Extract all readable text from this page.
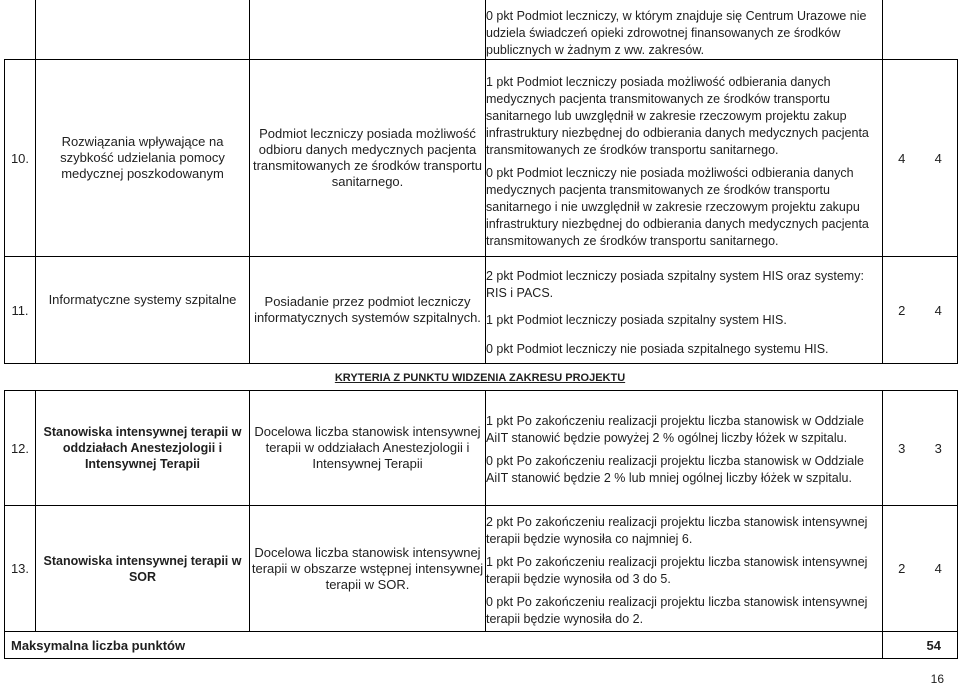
			0 pkt Podmiot leczniczy, w którym znajduje się Centrum Urazowe nie udziela świadczeń opieki zdrowotnej finansowanych ze środków publicznych w żadnym z ww. zakresów.	

10.	Rozwiązania wpływające na szybkość udzielania pomocy medycznej poszkodowanym	Podmiot leczniczy posiada możliwość odbioru danych medycznych pacjenta transmitowanych ze środków transportu sanitarnego.	1 pkt Podmiot leczniczy posiada możliwość odbierania danych medycznych pacjenta transmitowanych ze środków transportu sanitarnego lub uwzględnił w zakresie rzeczowym projektu zakup infrastruktury niezbędnej do odbierania danych medycznych pacjenta transmitowanych ze środków transportu sanitarnego.

0 pkt Podmiot leczniczy nie posiada możliwości odbierania danych medycznych pacjenta transmitowanych ze środków transportu sanitarnego i nie uwzględnił w zakresie rzeczowym projektu zakupu infrastruktury niezbędnej do odbierania danych medycznych pacjenta transmitowanych ze środków transportu sanitarnego.	4 4
11.	Informatyczne systemy szpitalne	Posiadanie przez podmiot leczniczy informatycznych systemów szpitalnych.	2 pkt Podmiot leczniczy posiada szpitalny system HIS oraz systemy: RIS i PACS.

1 pkt Podmiot leczniczy posiada szpitalny system HIS.

0 pkt Podmiot leczniczy nie posiada szpitalnego systemu HIS.	2 4
KRYTERIA Z PUNKTU WIDZENIA ZAKRESU PROJEKTU
12.	Stanowiska intensywnej terapii w oddziałach Anestezjologii i Intensywnej Terapii	Docelowa liczba stanowisk intensywnej terapii w oddziałach Anestezjologii i Intensywnej Terapii	1 pkt Po zakończeniu realizacji projektu liczba stanowisk w Oddziale AiIT stanowić będzie powyżej 2 % ogólnej liczby łóżek w szpitalu.

0 pkt Po zakończeniu realizacji projektu liczba stanowisk w Oddziale AiIT stanowić będzie 2 % lub mniej ogólnej liczby łóżek w szpitalu.	3 3
13.	Stanowiska intensywnej terapii w SOR	Docelowa liczba stanowisk intensywnej terapii w obszarze wstępnej intensywnej terapii w SOR.	2 pkt Po zakończeniu realizacji projektu liczba stanowisk intensywnej terapii będzie wynosiła co najmniej 6.

1 pkt Po zakończeniu realizacji projektu liczba stanowisk intensywnej terapii będzie wynosiła od 3 do 5.

0 pkt Po zakończeniu realizacji projektu liczba stanowisk intensywnej terapii będzie wynosiła do 2.	2 4
Maksymalna liczba punktów				54
16
